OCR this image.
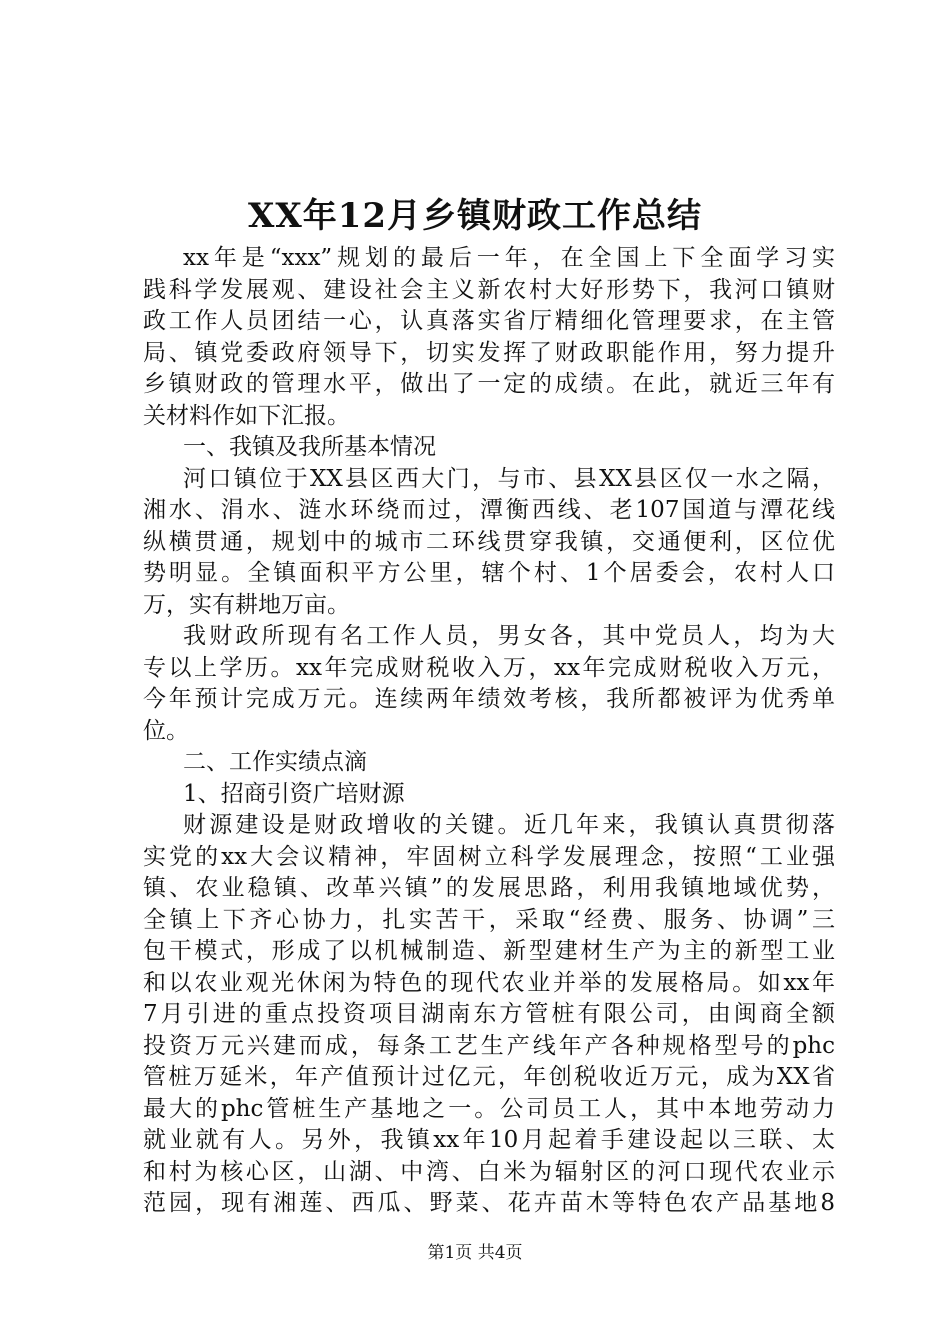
XX年12月乡镇财政工作总结
xx年是“xxx”规划的最后一年，在全国上下全面学习实
践科学发展观、建设社会主义新农村大好形势下，我河口镇财
政工作人员团结一心，认真落实省厅精细化管理要求，在主管
局、镇党委政府领导下，切实发挥了财政职能作用，努力提升
乡镇财政的管理水平，做出了一定的成绩。在此，就近三年有
关材料作如下汇报。
一、我镇及我所基本情况
河口镇位于XX县区西大门，与市、县XX县区仅一水之隔，
湘水、涓水、涟水环绕而过，潭衡西线、老107国道与潭花线
纵横贯通，规划中的城市二环线贯穿我镇，交通便利，区位优
势明显。全镇面积平方公里，辖个村、1个居委会，农村人口
万，实有耕地万亩。
我财政所现有名工作人员，男女各，其中党员人，均为大
专以上学历。xx年完成财税收入万，xx年完成财税收入万元，
今年预计完成万元。连续两年绩效考核，我所都被评为优秀单
位。
二、工作实绩点滴
1、招商引资广培财源
财源建设是财政增收的关键。近几年来，我镇认真贯彻落
实党的xx大会议精神，牢固树立科学发展理念，按照“工业强
镇、农业稳镇、改革兴镇”的发展思路，利用我镇地域优势，
全镇上下齐心协力，扎实苦干，采取“经费、服务、协调”三
包干模式，形成了以机械制造、新型建材生产为主的新型工业
和以农业观光休闲为特色的现代农业并举的发展格局。如xx年
7月引进的重点投资项目湖南东方管桩有限公司，由闽商全额
投资万元兴建而成，每条工艺生产线年产各种规格型号的phc
管桩万延米，年产值预计过亿元，年创税收近万元，成为XX省
最大的phc管桩生产基地之一。公司员工人，其中本地劳动力
就业就有人。另外，我镇xx年10月起着手建设起以三联、太
和村为核心区，山湖、中湾、白米为辐射区的河口现代农业示
范园，现有湘莲、西瓜、野菜、花卉苗木等特色农产品基地8
第1页 共4页
